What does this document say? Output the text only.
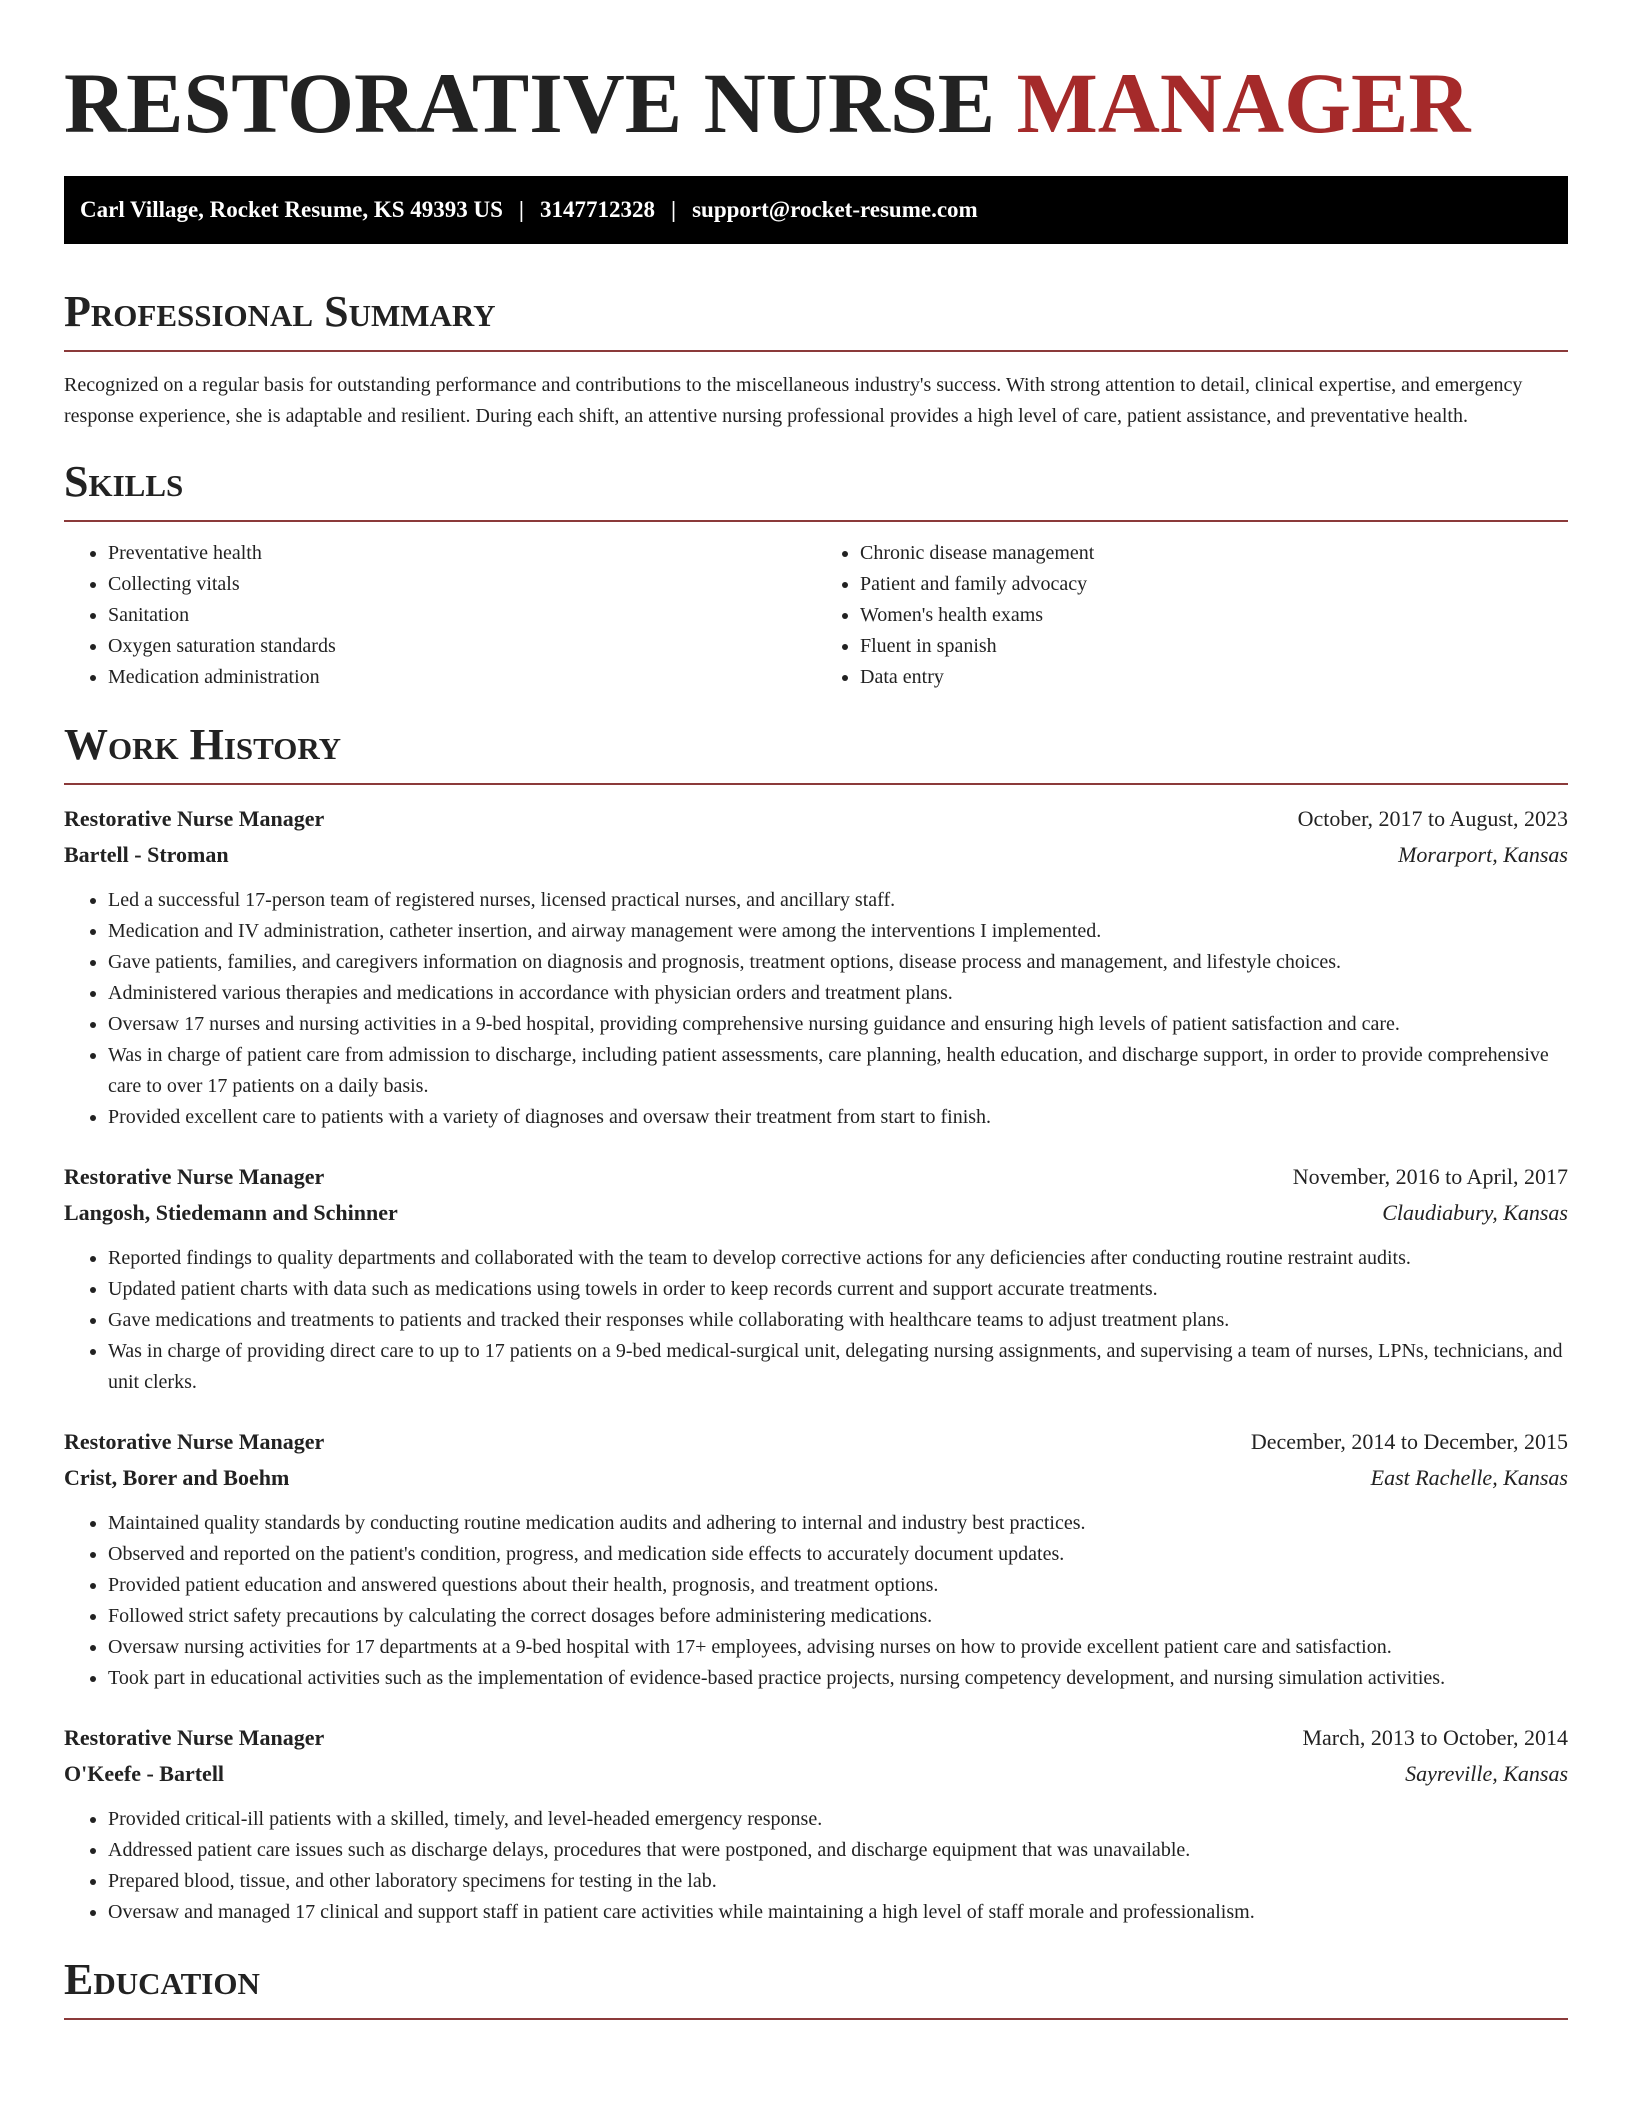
RESTORATIVE NURSE MANAGER
Carl Village, Rocket Resume, KS 49393 US | 3147712328 | support@rocket-resume.com
Professional Summary

Recognized on a regular basis for outstanding performance and contributions to the miscellaneous industry's success. With strong attention to detail, clinical expertise, and emergency response experience, she is adaptable and resilient. During each shift, an attentive nursing professional provides a high level of care, patient assistance, and preventative health.

Skills
• Preventative health
• Collecting vitals
• Sanitation
• Oxygen saturation standards
• Medication administration
• Chronic disease management
• Patient and family advocacy
• Women's health exams
• Fluent in spanish
• Data entry
Work History
Restorative Nurse Manager	October, 2017 to August, 2023
Bartell - Stroman	Morarport, Kansas
• Led a successful 17-person team of registered nurses, licensed practical nurses, and ancillary staff.
• Medication and IV administration, catheter insertion, and airway management were among the interventions I implemented.
• Gave patients, families, and caregivers information on diagnosis and prognosis, treatment options, disease process and management, and lifestyle choices.
• Administered various therapies and medications in accordance with physician orders and treatment plans.
• Oversaw 17 nurses and nursing activities in a 9-bed hospital, providing comprehensive nursing guidance and ensuring high levels of patient satisfaction and care.
• Was in charge of patient care from admission to discharge, including patient assessments, care planning, health education, and discharge support, in order to provide comprehensive care to over 17 patients on a daily basis.
• Provided excellent care to patients with a variety of diagnoses and oversaw their treatment from start to finish.
Restorative Nurse Manager	November, 2016 to April, 2017
Langosh, Stiedemann and Schinner	Claudiabury, Kansas
• Reported findings to quality departments and collaborated with the team to develop corrective actions for any deficiencies after conducting routine restraint audits.
• Updated patient charts with data such as medications using towels in order to keep records current and support accurate treatments.
• Gave medications and treatments to patients and tracked their responses while collaborating with healthcare teams to adjust treatment plans.
• Was in charge of providing direct care to up to 17 patients on a 9-bed medical-surgical unit, delegating nursing assignments, and supervising a team of nurses, LPNs, technicians, and unit clerks.
Restorative Nurse Manager	December, 2014 to December, 2015
Crist, Borer and Boehm	East Rachelle, Kansas
• Maintained quality standards by conducting routine medication audits and adhering to internal and industry best practices.
• Observed and reported on the patient's condition, progress, and medication side effects to accurately document updates.
• Provided patient education and answered questions about their health, prognosis, and treatment options.
• Followed strict safety precautions by calculating the correct dosages before administering medications.
• Oversaw nursing activities for 17 departments at a 9-bed hospital with 17+ employees, advising nurses on how to provide excellent patient care and satisfaction.
• Took part in educational activities such as the implementation of evidence-based practice projects, nursing competency development, and nursing simulation activities.
Restorative Nurse Manager	March, 2013 to October, 2014
O'Keefe - Bartell	Sayreville, Kansas
• Provided critical-ill patients with a skilled, timely, and level-headed emergency response.
• Addressed patient care issues such as discharge delays, procedures that were postponed, and discharge equipment that was unavailable.
• Prepared blood, tissue, and other laboratory specimens for testing in the lab.
• Oversaw and managed 17 clinical and support staff in patient care activities while maintaining a high level of staff morale and professionalism.
Education
